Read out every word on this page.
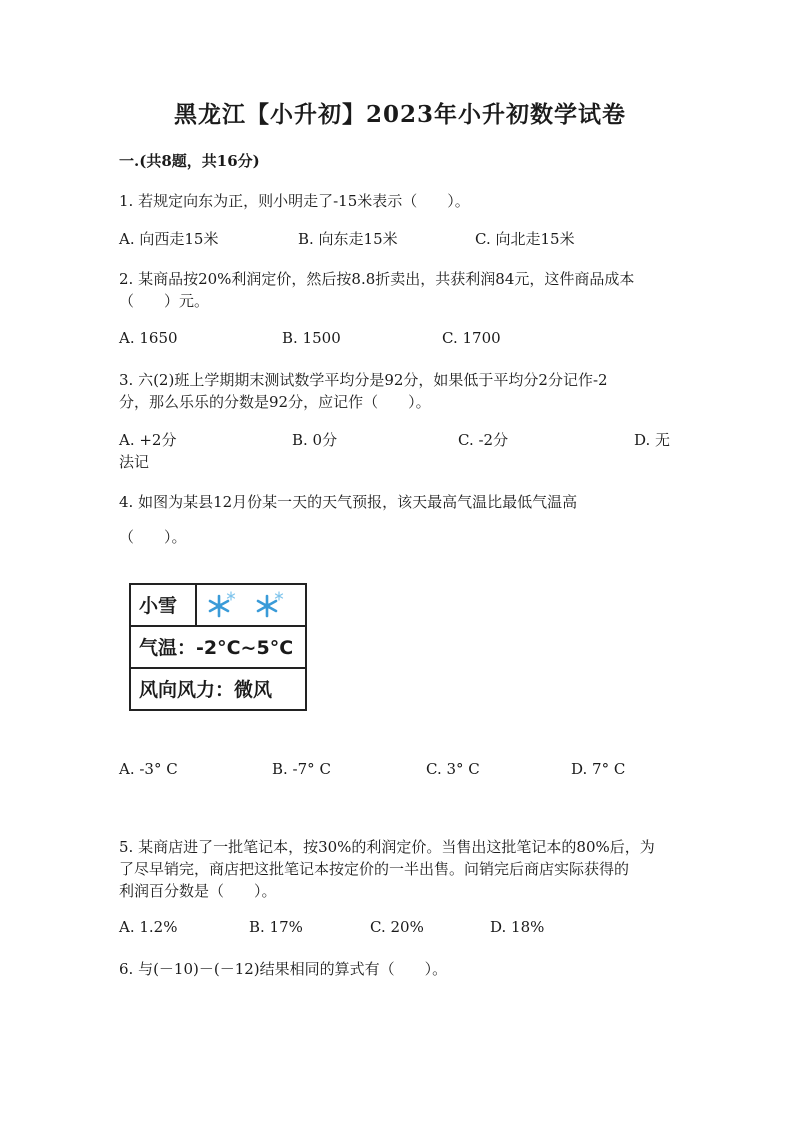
黑龙江【小升初】2023年小升初数学试卷
一.(共8题，共16分)
1. 若规定向东为正，则小明走了-15米表示（　　）。
A. 向西走15米	B. 向东走15米	C. 向北走15米
2. 某商品按20%利润定价，然后按8.8折卖出，共获利润84元，这件商品成本
（　　）元。
A. 1650	B. 1500	C. 1700
3. 六(2)班上学期期末测试数学平均分是92分，如果低于平均分2分记作-2
分，那么乐乐的分数是92分，应记作（　　）。
A. +2分	B. 0分	C. -2分	D. 无
法记
4. 如图为某县12月份某一天的天气预报，该天最高气温比最低气温高
（　　）。
小雪
气温：-2°C~5°C
风向风力：微风
A. -3° C	B. -7° C	C. 3° C	D. 7° C
5. 某商店进了一批笔记本，按30%的利润定价。当售出这批笔记本的80%后，为
了尽早销完，商店把这批笔记本按定价的一半出售。问销完后商店实际获得的
利润百分数是（　　）。
A. 1.2%	B. 17%	C. 20%	D. 18%
6. 与(－10)－(－12)结果相同的算式有（　　）。
